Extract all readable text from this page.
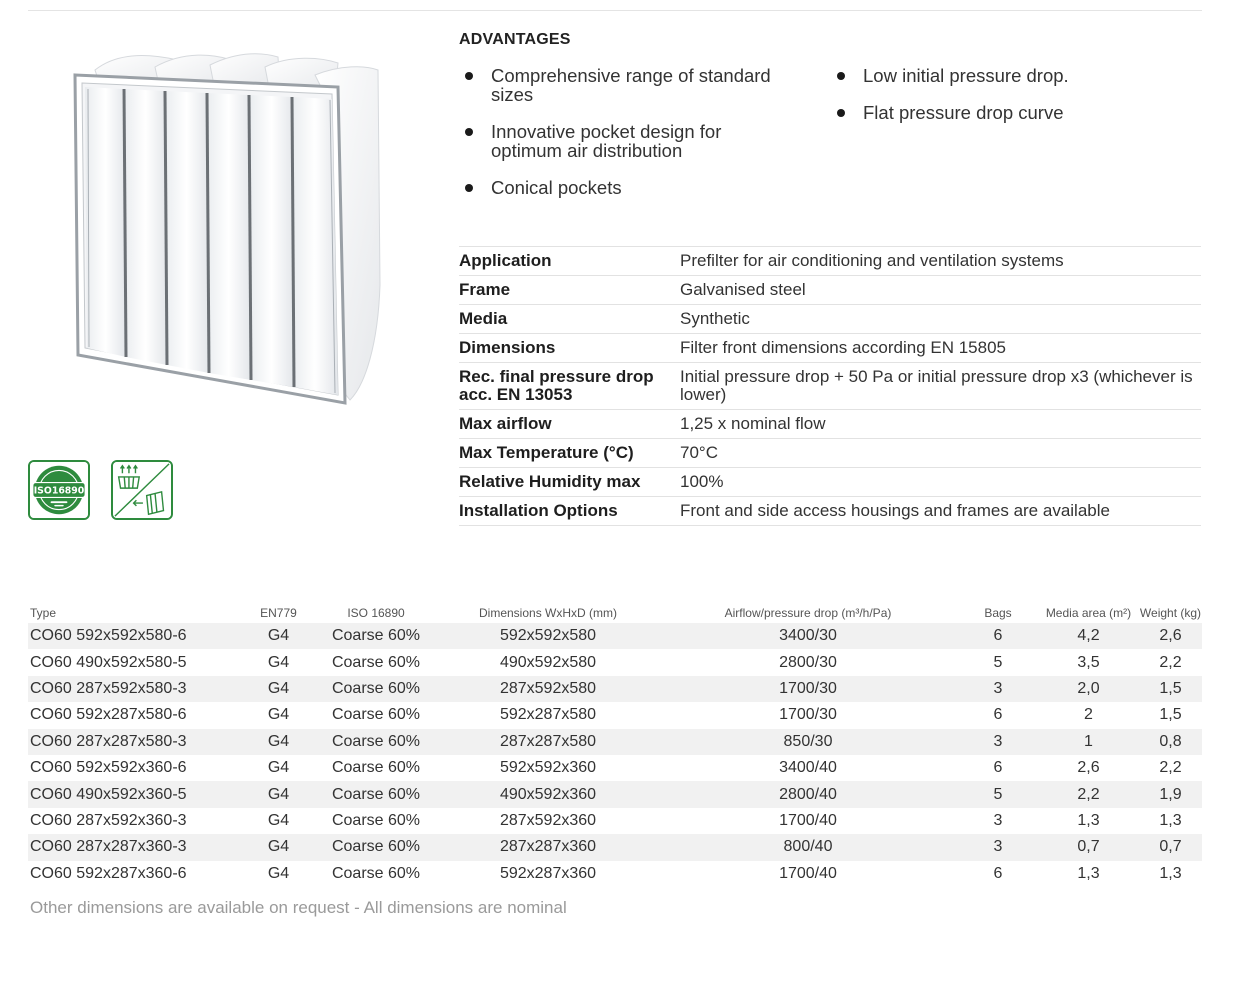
ISO16890
ADVANTAGES
Comprehensive range of standard sizes
Innovative pocket design for optimum air distribution
Conical pockets
Low initial pressure drop.
Flat pressure drop curve
Application	Prefilter for air conditioning and ventilation systems
Frame	Galvanised steel
Media	Synthetic
Dimensions	Filter front dimensions according EN 15805
Rec. final pressure drop acc. EN 13053	Initial pressure drop + 50 Pa or initial pressure drop x3 (whichever is lower)
Max airflow	1,25 x nominal flow
Max Temperature (°C)	70°C
Relative Humidity max	100%
Installation Options	Front and side access housings and frames are available
Type	EN779	ISO 16890	Dimensions WxHxD (mm)	Airflow/pressure drop (m³/h/Pa)	Bags	Media area (m²)	Weight (kg)
CO60 592x592x580-6	G4	Coarse 60%	592x592x580	3400/30	6	4,2	2,6
CO60 490x592x580-5	G4	Coarse 60%	490x592x580	2800/30	5	3,5	2,2
CO60 287x592x580-3	G4	Coarse 60%	287x592x580	1700/30	3	2,0	1,5
CO60 592x287x580-6	G4	Coarse 60%	592x287x580	1700/30	6	2	1,5
CO60 287x287x580-3	G4	Coarse 60%	287x287x580	850/30	3	1	0,8
CO60 592x592x360-6	G4	Coarse 60%	592x592x360	3400/40	6	2,6	2,2
CO60 490x592x360-5	G4	Coarse 60%	490x592x360	2800/40	5	2,2	1,9
CO60 287x592x360-3	G4	Coarse 60%	287x592x360	1700/40	3	1,3	1,3
CO60 287x287x360-3	G4	Coarse 60%	287x287x360	800/40	3	0,7	0,7
CO60 592x287x360-6	G4	Coarse 60%	592x287x360	1700/40	6	1,3	1,3
Other dimensions are available on request - All dimensions are nominal
